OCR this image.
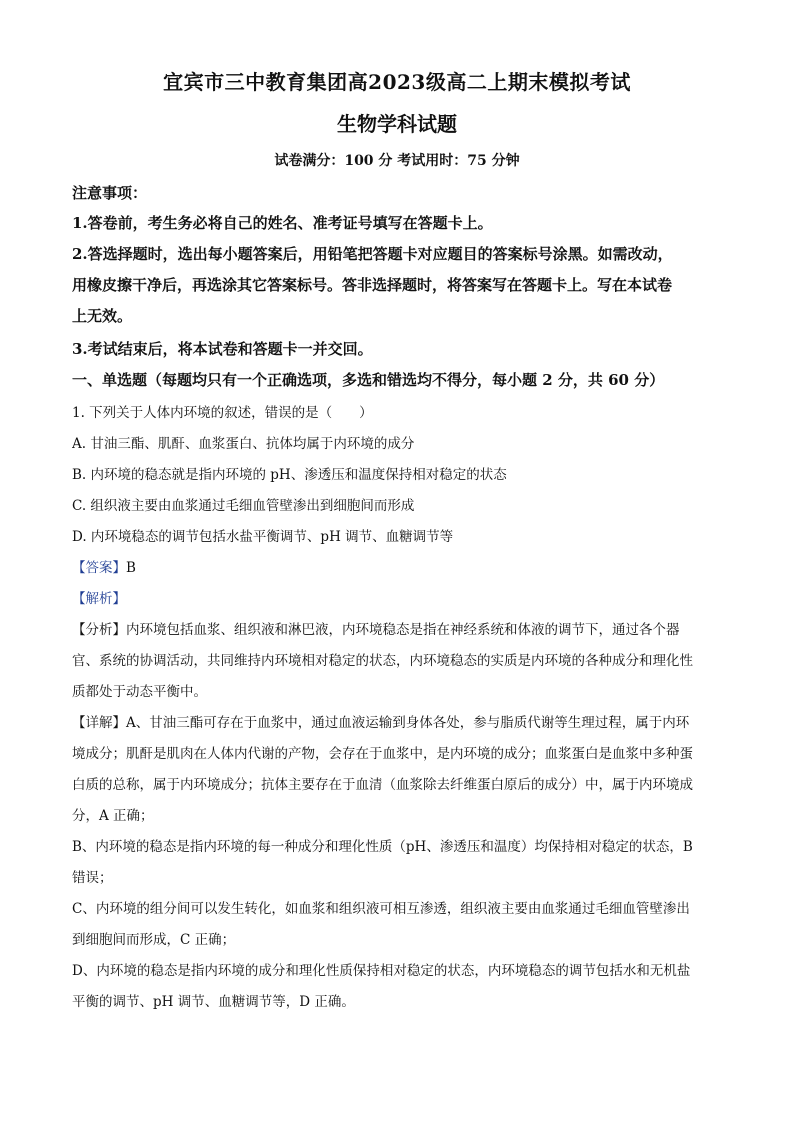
宜宾市三中教育集团高2023级高二上期末模拟考试
生物学科试题
试卷满分：100 分 考试用时：75 分钟
注意事项：
1.答卷前，考生务必将自己的姓名、准考证号填写在答题卡上。
2.答选择题时，选出每小题答案后，用铅笔把答题卡对应题目的答案标号涂黑。如需改动，
用橡皮擦干净后，再选涂其它答案标号。答非选择题时，将答案写在答题卡上。写在本试卷
上无效。
3.考试结束后，将本试卷和答题卡一并交回。
一、单选题（每题均只有一个正确选项，多选和错选均不得分，每小题 2 分，共 60 分）
1. 下列关于人体内环境的叙述，错误的是（　　）
A. 甘油三酯、肌酐、血浆蛋白、抗体均属于内环境的成分
B. 内环境的稳态就是指内环境的 pH、渗透压和温度保持相对稳定的状态
C. 组织液主要由血浆通过毛细血管壁渗出到细胞间而形成
D. 内环境稳态的调节包括水盐平衡调节、pH 调节、血糖调节等
【答案】B
【解析】
【分析】内环境包括血浆、组织液和淋巴液，内环境稳态是指在神经系统和体液的调节下，通过各个器
官、系统的协调活动，共同维持内环境相对稳定的状态，内环境稳态的实质是内环境的各种成分和理化性
质都处于动态平衡中。
【详解】A、甘油三酯可存在于血浆中，通过血液运输到身体各处，参与脂质代谢等生理过程，属于内环
境成分；肌酐是肌肉在人体内代谢的产物，会存在于血浆中，是内环境的成分；血浆蛋白是血浆中多种蛋
白质的总称，属于内环境成分；抗体主要存在于血清（血浆除去纤维蛋白原后的成分）中，属于内环境成
分，A 正确；
B、内环境的稳态是指内环境的每一种成分和理化性质（pH、渗透压和温度）均保持相对稳定的状态，B
错误；
C、内环境的组分间可以发生转化，如血浆和组织液可相互渗透，组织液主要由血浆通过毛细血管壁渗出
到细胞间而形成，C 正确；
D、内环境的稳态是指内环境的成分和理化性质保持相对稳定的状态，内环境稳态的调节包括水和无机盐
平衡的调节、pH 调节、血糖调节等，D 正确。
